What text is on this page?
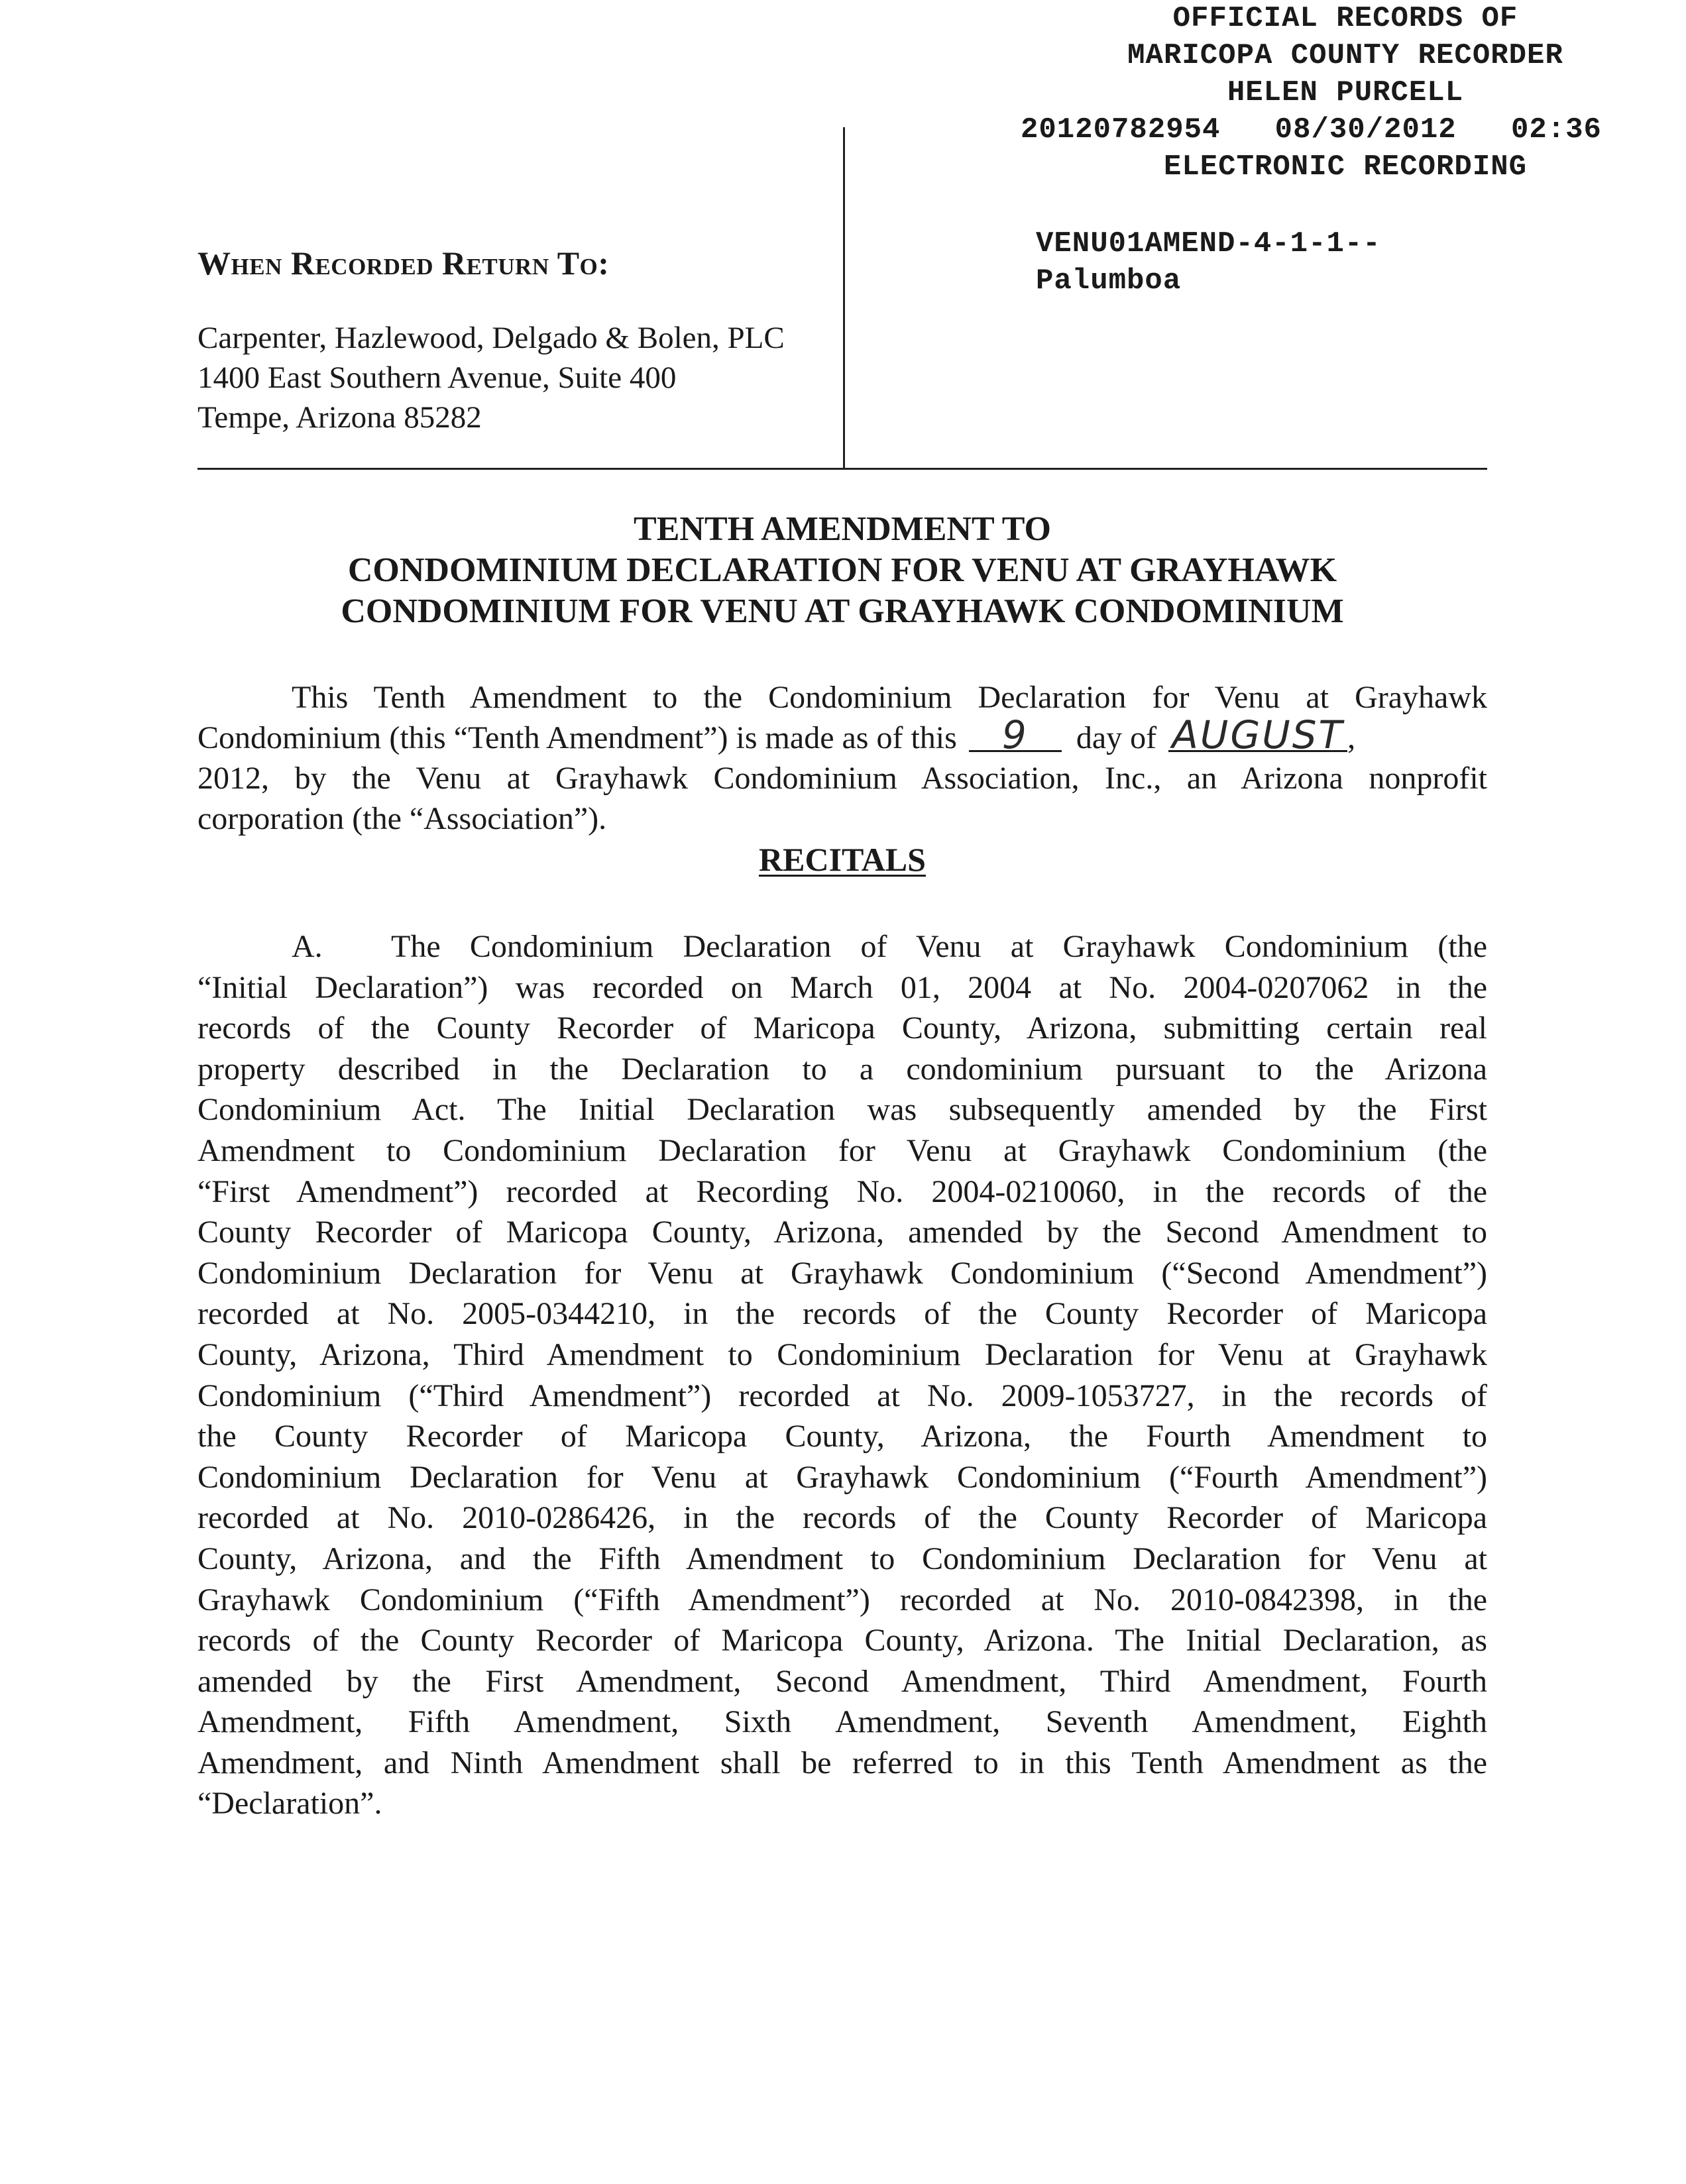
OFFICIAL RECORDS OF
MARICOPA COUNTY RECORDER
HELEN PURCELL
20120782954 08/30/2012 02:36
ELECTRONIC RECORDING
VENU01AMEND-4-1-1--
Palumboa
When Recorded Return To:
Carpenter, Hazlewood, Delgado & Bolen, PLC
1400 East Southern Avenue, Suite 400
Tempe, Arizona 85282
TENTH AMENDMENT TO
CONDOMINIUM DECLARATION FOR VENU AT GRAYHAWK
CONDOMINIUM FOR VENU AT GRAYHAWK CONDOMINIUM
This Tenth Amendment to the Condominium Declaration for Venu at Grayhawk
Condominium (this “Tenth Amendment”) is made as of this	9	day of AUGUST ,
2012, by the Venu at Grayhawk Condominium Association, Inc., an Arizona nonprofit
corporation (the “Association”).
RECITALS
A. The Condominium Declaration of Venu at Grayhawk Condominium (the
“Initial Declaration”) was recorded on March 01, 2004 at No. 2004-0207062 in the
records of the County Recorder of Maricopa County, Arizona, submitting certain real
property described in the Declaration to a condominium pursuant to the Arizona
Condominium Act. The Initial Declaration was subsequently amended by the First
Amendment to Condominium Declaration for Venu at Grayhawk Condominium (the
“First Amendment”) recorded at Recording No. 2004-0210060, in the records of the
County Recorder of Maricopa County, Arizona, amended by the Second Amendment to
Condominium Declaration for Venu at Grayhawk Condominium (“Second Amendment”)
recorded at No. 2005-0344210, in the records of the County Recorder of Maricopa
County, Arizona, Third Amendment to Condominium Declaration for Venu at Grayhawk
Condominium (“Third Amendment”) recorded at No. 2009-1053727, in the records of
the County Recorder of Maricopa County, Arizona, the Fourth Amendment to
Condominium Declaration for Venu at Grayhawk Condominium (“Fourth Amendment”)
recorded at No. 2010-0286426, in the records of the County Recorder of Maricopa
County, Arizona, and the Fifth Amendment to Condominium Declaration for Venu at
Grayhawk Condominium (“Fifth Amendment”) recorded at No. 2010-0842398, in the
records of the County Recorder of Maricopa County, Arizona. The Initial Declaration, as
amended by the First Amendment, Second Amendment, Third Amendment, Fourth
Amendment, Fifth Amendment, Sixth Amendment, Seventh Amendment, Eighth
Amendment, and Ninth Amendment shall be referred to in this Tenth Amendment as the
“Declaration”.
